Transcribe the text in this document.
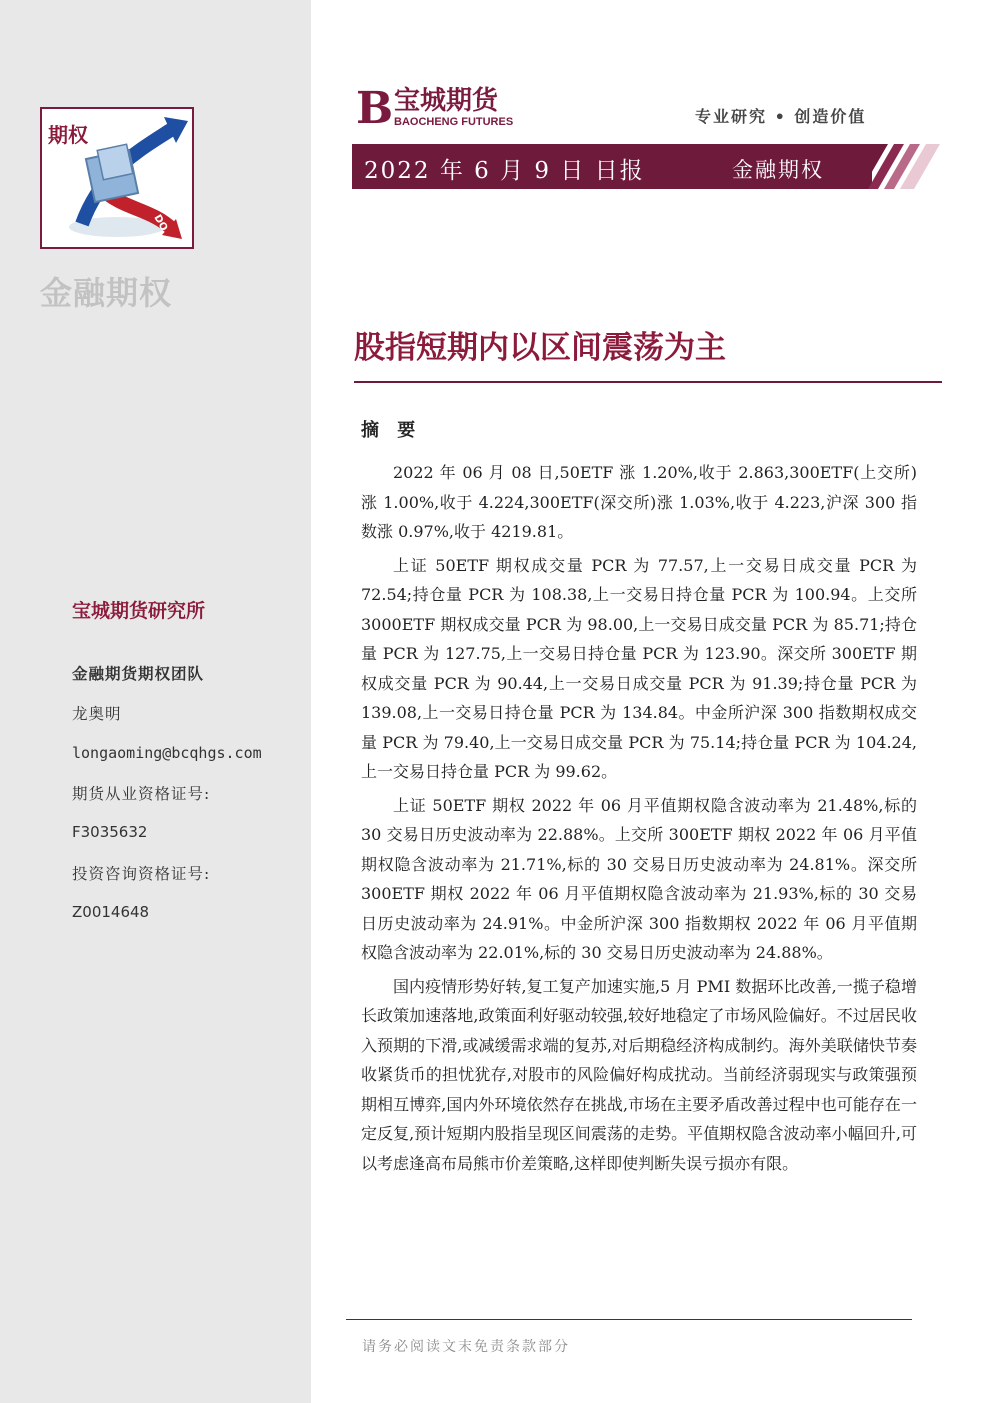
UP
DO
期权
金融期权
宝城期货研究所
金融期货期权团队
龙奥明
longaoming@bcqhgs.com
期货从业资格证号:
F3035632
投资咨询资格证号:
Z0014648
B 宝城期货
BAOCHENG FUTURES	专业研究 • 创造价值
2022 年 6 月 9 日 日报	金融期权
股指短期内以区间震荡为主
摘 要

2022 年 06 月 08 日,50ETF 涨 1.20%,收于 2.863,300ETF(上交所)涨 1.00%,收于 4.224,300ETF(深交所)涨 1.03%,收于 4.223,沪深 300 指数涨 0.97%,收于 4219.81。

上证 50ETF 期权成交量 PCR 为 77.57,上一交易日成交量 PCR 为 72.54;持仓量 PCR 为 108.38,上一交易日持仓量 PCR 为 100.94。上交所 3000ETF 期权成交量 PCR 为 98.00,上一交易日成交量 PCR 为 85.71;持仓量 PCR 为 127.75,上一交易日持仓量 PCR 为 123.90。深交所 300ETF 期权成交量 PCR 为 90.44,上一交易日成交量 PCR 为 91.39;持仓量 PCR 为 139.08,上一交易日持仓量 PCR 为 134.84。中金所沪深 300 指数期权成交量 PCR 为 79.40,上一交易日成交量 PCR 为 75.14;持仓量 PCR 为 104.24,上一交易日持仓量 PCR 为 99.62。

上证 50ETF 期权 2022 年 06 月平值期权隐含波动率为 21.48%,标的 30 交易日历史波动率为 22.88%。上交所 300ETF 期权 2022 年 06 月平值期权隐含波动率为 21.71%,标的 30 交易日历史波动率为 24.81%。深交所 300ETF 期权 2022 年 06 月平值期权隐含波动率为 21.93%,标的 30 交易日历史波动率为 24.91%。中金所沪深 300 指数期权 2022 年 06 月平值期权隐含波动率为 22.01%,标的 30 交易日历史波动率为 24.88%。

国内疫情形势好转,复工复产加速实施,5 月 PMI 数据环比改善,一揽子稳增长政策加速落地,政策面利好驱动较强,较好地稳定了市场风险偏好。不过居民收入预期的下滑,或减缓需求端的复苏,对后期稳经济构成制约。海外美联储快节奏收紧货币的担忧犹存,对股市的风险偏好构成扰动。当前经济弱现实与政策强预期相互博弈,国内外环境依然存在挑战,市场在主要矛盾改善过程中也可能存在一定反复,预计短期内股指呈现区间震荡的走势。平值期权隐含波动率小幅回升,可以考虑逢高布局熊市价差策略,这样即使判断失误亏损亦有限。

请务必阅读文末免责条款部分
